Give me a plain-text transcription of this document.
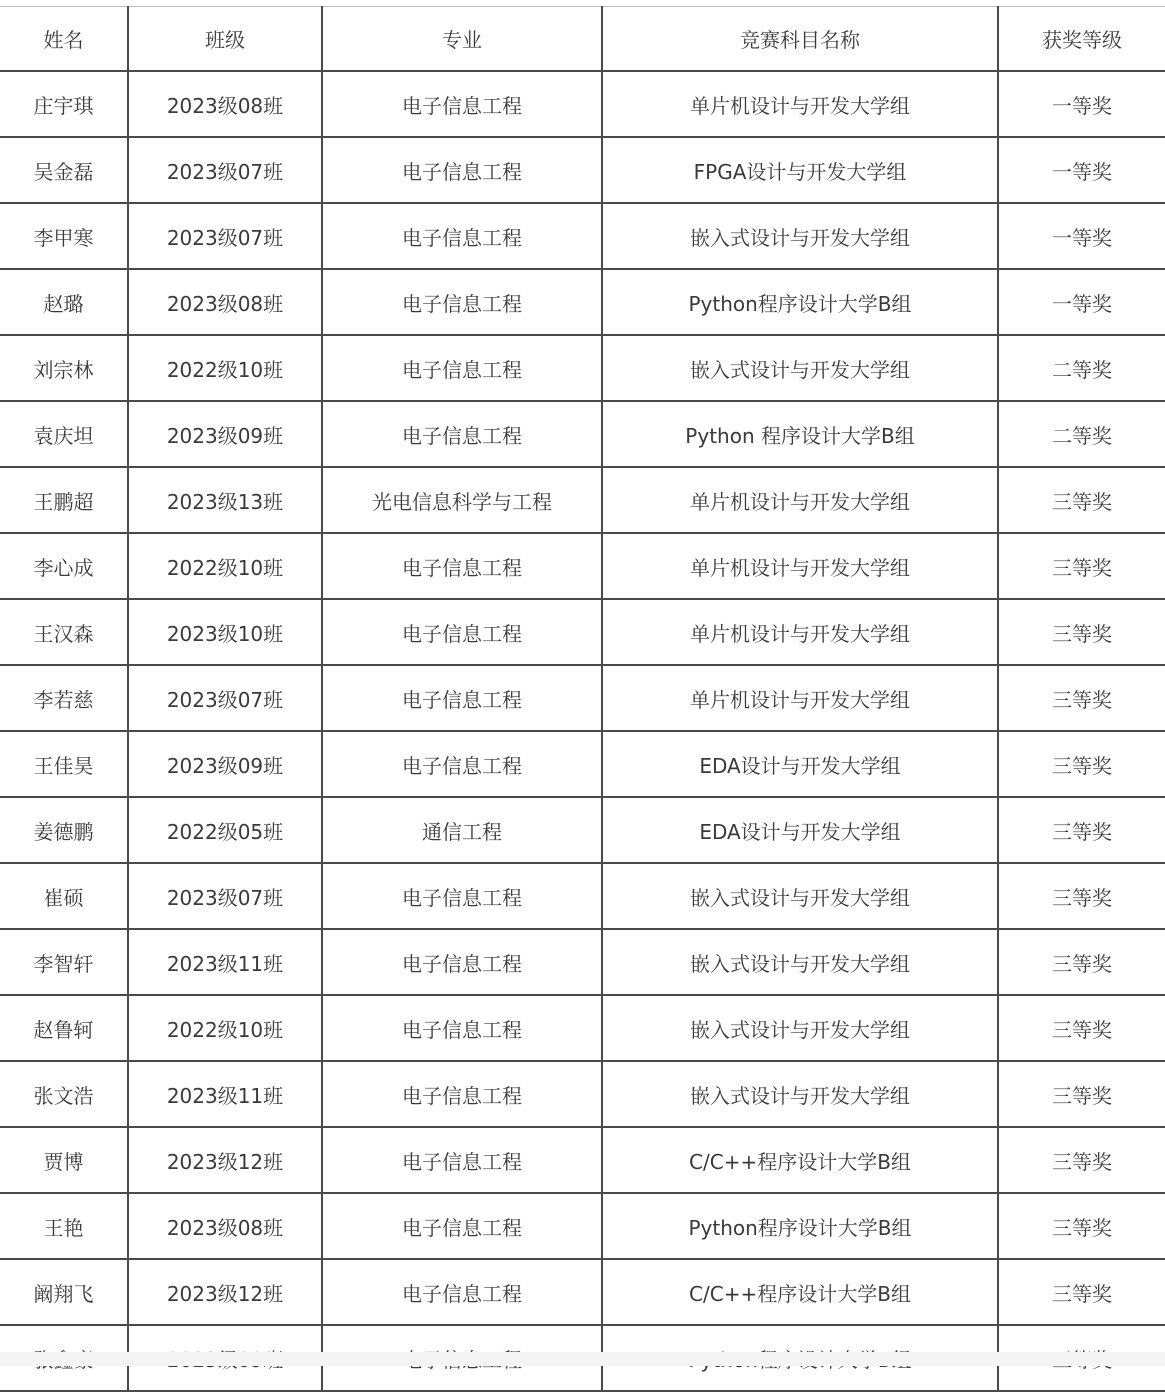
姓名	班级	专业	竞赛科目名称	获奖等级
庄宇琪	2023级08班	电子信息工程	单片机设计与开发大学组	一等奖
吴金磊	2023级07班	电子信息工程	FPGA设计与开发大学组	一等奖
李甲寒	2023级07班	电子信息工程	嵌入式设计与开发大学组	一等奖
赵璐	2023级08班	电子信息工程	Python程序设计大学B组	一等奖
刘宗林	2022级10班	电子信息工程	嵌入式设计与开发大学组	二等奖
袁庆坦	2023级09班	电子信息工程	Python 程序设计大学B组	二等奖
王鹏超	2023级13班	光电信息科学与工程	单片机设计与开发大学组	三等奖
李心成	2022级10班	电子信息工程	单片机设计与开发大学组	三等奖
王汉森	2023级10班	电子信息工程	单片机设计与开发大学组	三等奖
李若慈	2023级07班	电子信息工程	单片机设计与开发大学组	三等奖
王佳昊	2023级09班	电子信息工程	EDA设计与开发大学组	三等奖
姜德鹏	2022级05班	通信工程	EDA设计与开发大学组	三等奖
崔硕	2023级07班	电子信息工程	嵌入式设计与开发大学组	三等奖
李智轩	2023级11班	电子信息工程	嵌入式设计与开发大学组	三等奖
赵鲁轲	2022级10班	电子信息工程	嵌入式设计与开发大学组	三等奖
张文浩	2023级11班	电子信息工程	嵌入式设计与开发大学组	三等奖
贾博	2023级12班	电子信息工程	C/C++程序设计大学B组	三等奖
王艳	2023级08班	电子信息工程	Python程序设计大学B组	三等奖
阚翔飞	2023级12班	电子信息工程	C/C++程序设计大学B组	三等奖
